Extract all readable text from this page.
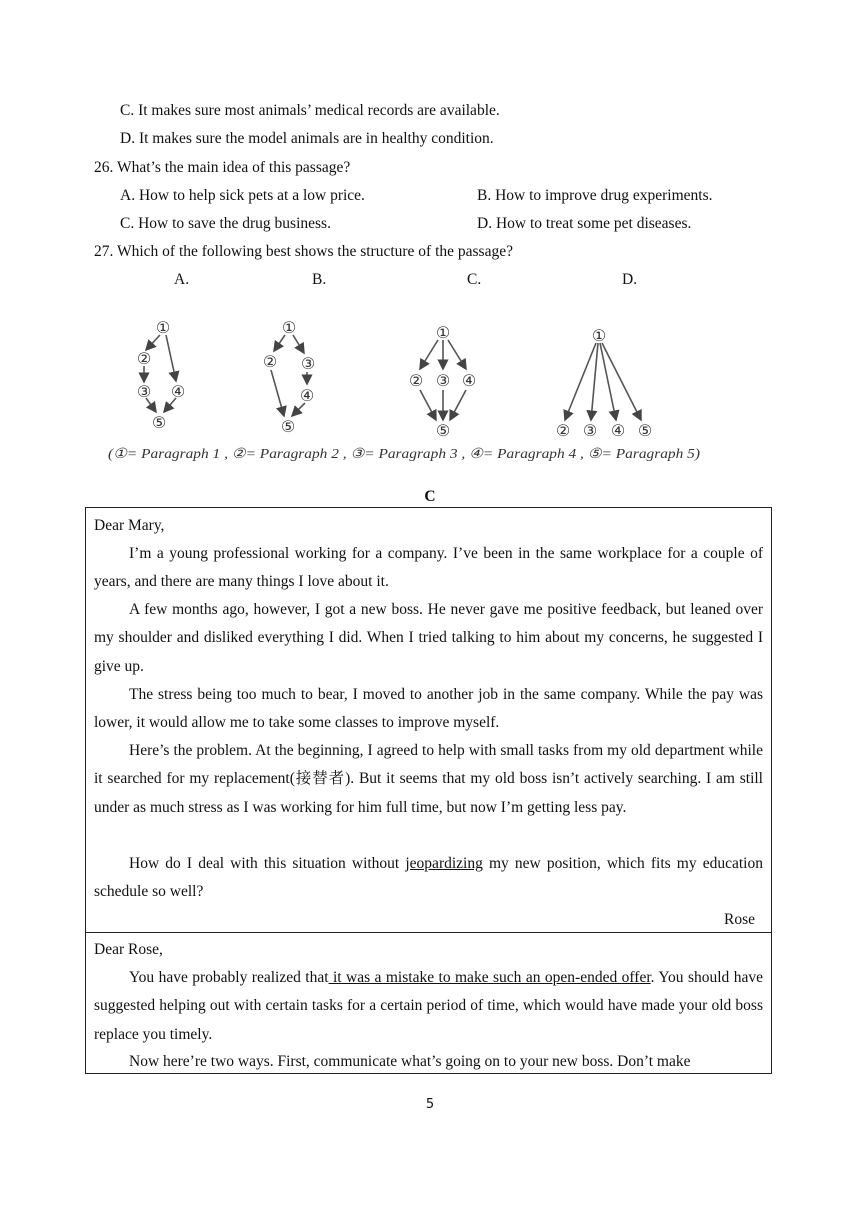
C. It makes sure most animals’ medical records are available.
D. It makes sure the model animals are in healthy condition.
26. What’s the main idea of this passage?
A. How to help sick pets at a low price.	B. How to improve drug experiments.
C. How to save the drug business.	D. How to treat some pet diseases.
27. Which of the following best shows the structure of the passage?
A.	B.	C.	D.
①
②
③ ④
⑤
①
② ③
④
⑤
①
② ③ ④
⑤
①
② ③ ④ ⑤
(①= Paragraph 1 , ②= Paragraph 2 , ③= Paragraph 3 , ④= Paragraph 4 , ⑤= Paragraph 5)
C
Dear Mary,
I’m a young professional working for a company. I’ve been in the same workplace for a couple of years, and there are many things I love about it.
A few months ago, however, I got a new boss. He never gave me positive feedback, but leaned over my shoulder and disliked everything I did. When I tried talking to him about my concerns, he suggested I give up.
The stress being too much to bear, I moved to another job in the same company. While the pay was lower, it would allow me to take some classes to improve myself.
Here’s the problem. At the beginning, I agreed to help with small tasks from my old department while it searched for my replacement(接替者). But it seems that my old boss isn’t actively searching. I am still under as much stress as I was working for him full time, but now I’m getting less pay.
How do I deal with this situation without jeopardizing my new position, which fits my education schedule so well?
Rose
Dear Rose,
You have probably realized that it was a mistake to make such an open-ended offer. You should have suggested helping out with certain tasks for a certain period of time, which would have made your old boss replace you timely.
Now here’re two ways. First, communicate what’s going on to your new boss. Don’t make
5
